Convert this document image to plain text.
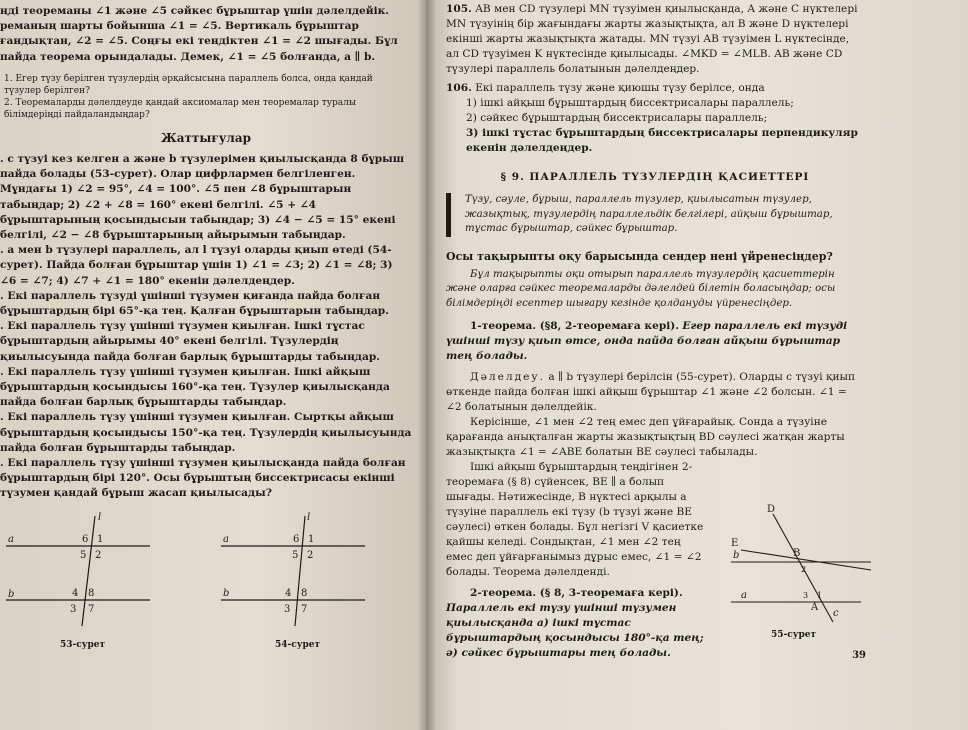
ңді теореманы ∠1 және ∠5 сәйкес бұрыштар үшін дәлелдейік.

реманың шарты бойынша ∠1 = ∠5. Вертикаль бұрыштар

ғандықтан, ∠2 = ∠5. Соңғы екі теңдіктен ∠1 = ∠2 шығады. Бұл

пайда теорема орындалады. Демек, ∠1 = ∠5 болғанда, a ∥ b.

1. Егер түзу берілген түзулердің әрқайсысына параллель болса, онда қандай түзулер берілген?

2. Теоремаларды дәлелдеуде қандай аксиомалар мен теоремалар туралы білімдеріңді пайдаландыңдар?

Жаттығулар

. c түзуі кез келген a және b түзулерімен қиылысқанда 8 бұрыш пайда болады (53-сурет). Олар цифрлармен белгіленген. Мұндағы 1) ∠2 = 95°, ∠4 = 100°. ∠5 пен ∠8 бұрыштарын табыңдар; 2) ∠2 + ∠8 = 160° екені белгілі. ∠5 + ∠4 бұрыштарының қосындысын табыңдар; 3) ∠4 − ∠5 = 15° екені белгілі, ∠2 − ∠8 бұрыштарының айырымын табыңдар.

. a мен b түзулері параллель, ал l түзуі оларды қиып өтеді (54-сурет). Пайда болған бұрыштар үшін 1) ∠1 = ∠3; 2) ∠1 = ∠8; 3) ∠6 = ∠7; 4) ∠7 + ∠1 = 180° екенін дәлелдеңдер.

. Екі параллель түзуді үшінші түзумен қиғанда пайда болған бұрыштардың бірі 65°-қа тең. Қалған бұрыштарын табыңдар.

. Екі параллель түзу үшінші түзумен қиылған. Ішкі тұстас бұрыштардың айырымы 40° екені белгілі. Түзулердің қиылысуында пайда болған барлық бұрыштарды табыңдар.

. Екі параллель түзу үшінші түзумен қиылған. Ішкі айқыш бұрыштардың қосындысы 160°-қа тең. Түзулер қиылысқанда пайда болған барлық бұрыштарды табыңдар.

. Екі параллель түзу үшінші түзумен қиылған. Сыртқы айқыш бұрыштардың қосындысы 150°-қа тең. Түзулердің қиылысуында пайда болған бұрыштарды табыңдар.

. Екі параллель түзу үшінші түзумен қиылысқанда пайда болған бұрыштардың бірі 120°. Осы бұрыштың биссектрисасы екінші түзумен қандай бұрыш жасап қиылысады?

l
a
b
6 1
5 2
4 8
3 7
53-сурет
l
a
b
6 1
5 2
4 8
3 7
54-сурет

105. AB мен CD түзулері MN түзуімен қиылысқанда, A және C нүктелері MN түзуінің бір жағындағы жарты жазықтықта, ал B және D нүктелері екінші жарты жазықтықта жатады. MN түзуі AB түзуімен L нүктесінде, ал CD түзуімен K нүктесінде қиылысады. ∠MKD = ∠MLB. AB және CD түзулері параллель болатынын дәлелдеңдер.

106. Екі параллель түзу және қиюшы түзу берілсе, онда

1) ішкі айқыш бұрыштардың биссектрисалары параллель;

2) сәйкес бұрыштардың биссектрисалары параллель;

3) ішкі тұстас бұрыштардың биссектрисалары перпендикуляр екенін дәлелдеңдер.

§ 9. ПАРАЛЛЕЛЬ ТҮЗУЛЕРДІҢ ҚАСИЕТТЕРІ
Түзу, сәуле, бұрыш, параллель түзулер, қиылысатын түзулер, жазықтық, түзулердің параллельдік белгілері, айқыш бұрыштар, тұстас бұрыштар, сәйкес бұрыштар.

Осы тақырыпты оқу барысында сендер нені үйренесіңдер?

Бұл тақырыпты оқи отырып параллель түзулердің қасиеттерін және оларға сәйкес теоремаларды дәлелдей білетін боласыңдар; осы білімдеріңді есептер шығару кезінде қолдануды үйренесіңдер.

1-теорема. (§8, 2-теоремаға кері). Егер параллель екі түзуді үшінші түзу қиып өтсе, онда пайда болған айқыш бұрыштар тең болады.

Дәлелдеу. a ∥ b түзулері берілсін (55-сурет). Оларды c түзуі қиып өткенде пайда болған ішкі айқыш бұрыштар ∠1 және ∠2 болсын. ∠1 = ∠2 болатынын дәлелдейік.

Керісінше, ∠1 мен ∠2 тең емес деп ұйғарайық. Сонда a түзуіне қарағанда анықталған жарты жазықтықтың BD сәулесі жатқан жарты жазықтықта ∠1 = ∠ABE болатын BE сәулесі табылады.

Ішкі айқыш бұрыштардың теңдігінен 2-теоремаға (§ 8) сүйенсек, BE ∥ a болып шығады. Нәтижесінде, B нүктесі арқылы a түзуіне параллель екі түзу (b түзуі және BE сәулесі) өткен болады. Бұл негізгі V қасиетке қайшы келеді. Сондықтан, ∠1 мен ∠2 тең емес деп ұйғарғанымыз дұрыс емес, ∠1 = ∠2 болады. Теорема дәлелденді.

2-теорема. (§ 8, 3-теоремаға кері). Параллель екі түзу үшінші түзумен қиылысқанда а) ішкі тұстас бұрыштардың қосындысы 180°-қа тең; ә) сәйкес бұрыштары тең болады.

D
E
B
b
a
A
c
2
3 1
55-сурет
39
